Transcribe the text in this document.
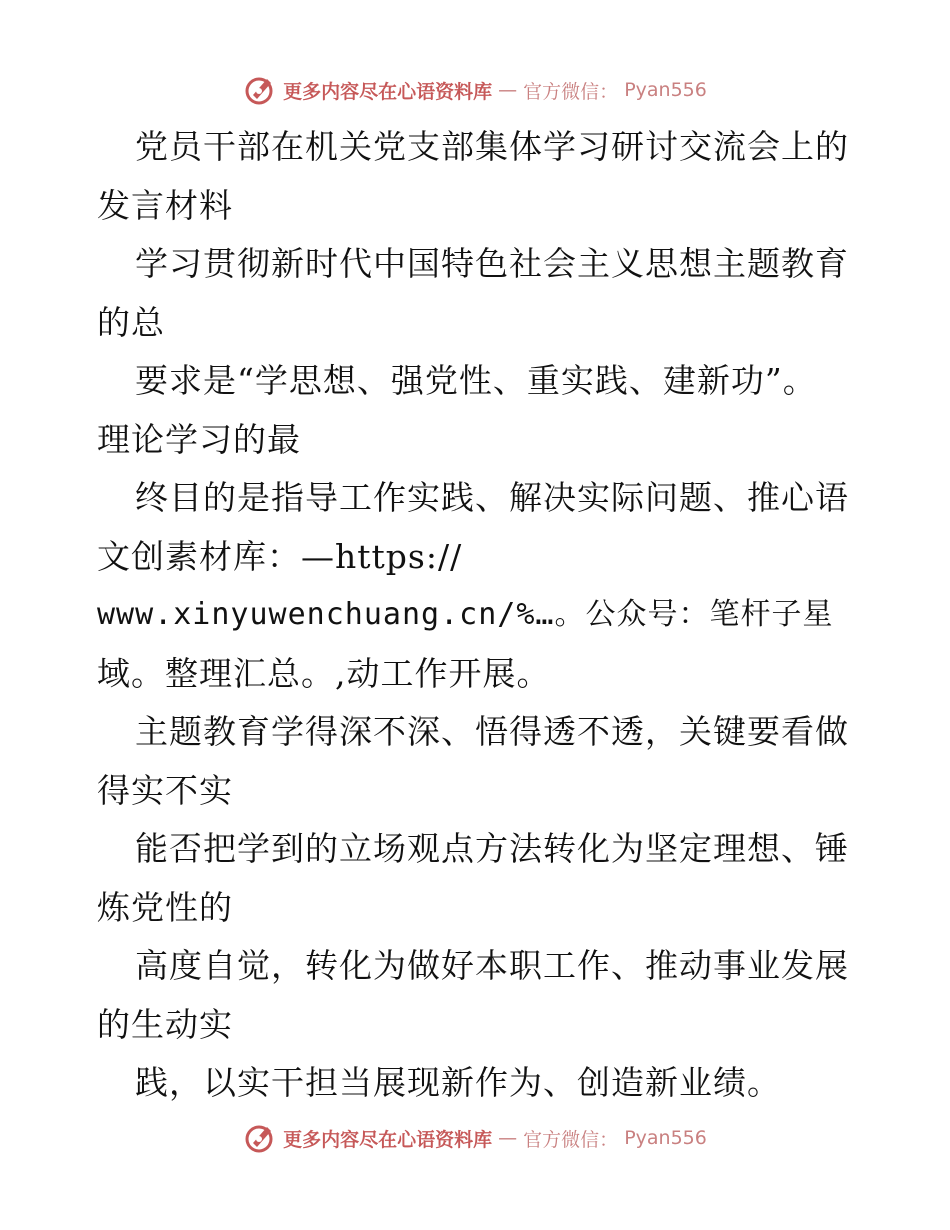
更多内容尽在心语资料库 — 官方微信： Pyan556
党员干部在机关党支部集体学习研讨交流会上的
发言材料
学习贯彻新时代中国特色社会主义思想主题教育
的总
要求是“学思想、强党性、重实践、建新功”。
理论学习的最
终目的是指导工作实践、解决实际问题、推心语
文创素材库：—https://
www.xinyuwenchuang.cn/%…。公众号：笔杆子星
域。整理汇总。,动工作开展。
主题教育学得深不深、悟得透不透，关键要看做
得实不实
能否把学到的立场观点方法转化为坚定理想、锤
炼党性的
高度自觉，转化为做好本职工作、推动事业发展
的生动实
践，以实干担当展现新作为、创造新业绩。
更多内容尽在心语资料库 — 官方微信： Pyan556
